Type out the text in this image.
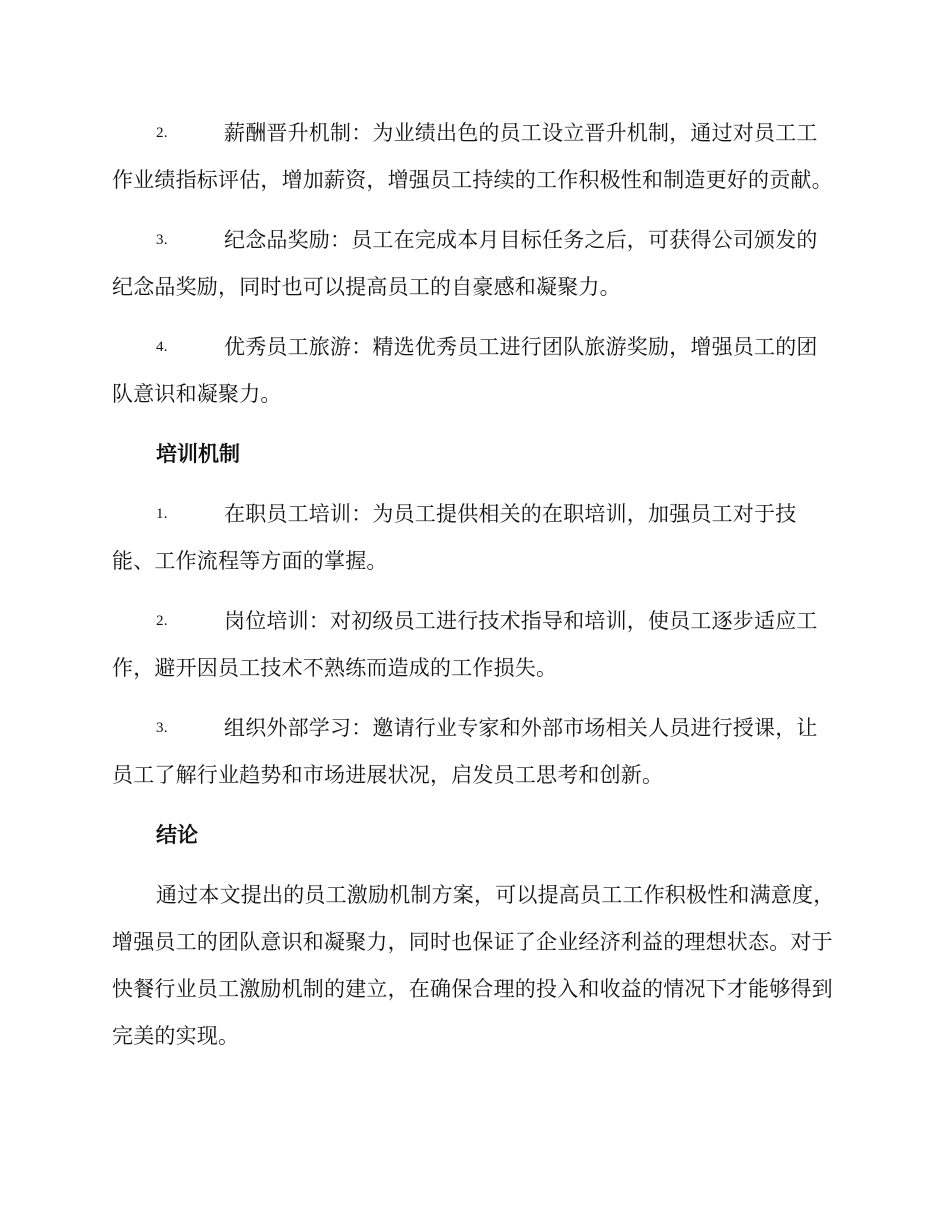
2.	薪酬晋升机制：为业绩出色的员工设立晋升机制，通过对员工工作业绩指标评估，增加薪资，增强员工持续的工作积极性和制造更好的贡献。
3.	纪念品奖励：员工在完成本月目标任务之后，可获得公司颁发的纪念品奖励，同时也可以提高员工的自豪感和凝聚力。
4.	优秀员工旅游：精选优秀员工进行团队旅游奖励，增强员工的团队意识和凝聚力。
培训机制
1.	在职员工培训：为员工提供相关的在职培训，加强员工对于技能、工作流程等方面的掌握。
2.	岗位培训：对初级员工进行技术指导和培训，使员工逐步适应工作，避开因员工技术不熟练而造成的工作损失。
3.	组织外部学习：邀请行业专家和外部市场相关人员进行授课，让员工了解行业趋势和市场进展状况，启发员工思考和创新。
结论

通过本文提出的员工激励机制方案，可以提高员工工作积极性和满意度，增强员工的团队意识和凝聚力，同时也保证了企业经济利益的理想状态。对于快餐行业员工激励机制的建立，在确保合理的投入和收益的情况下才能够得到完美的实现。
